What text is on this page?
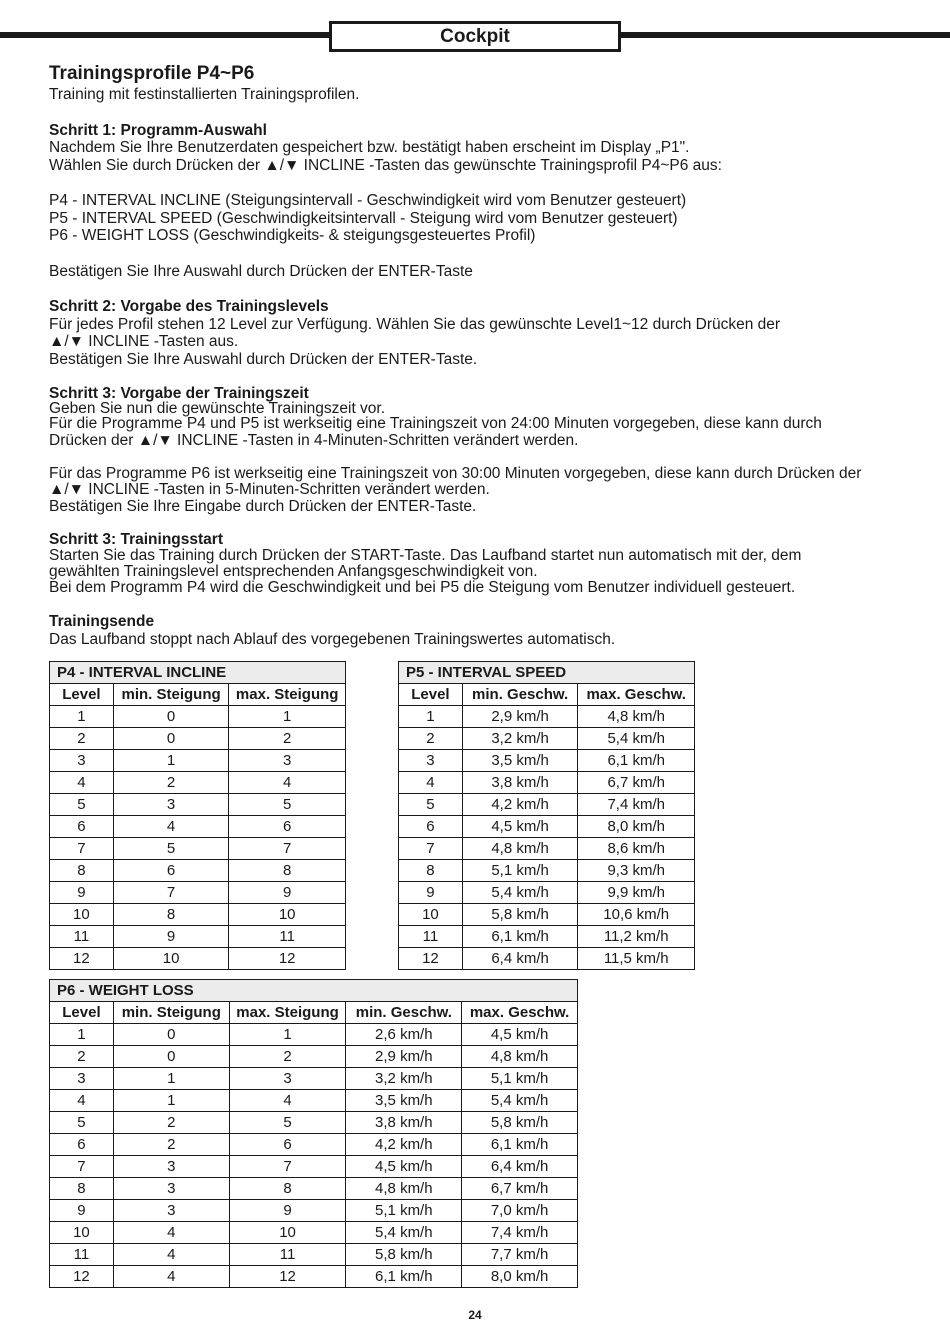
Cockpit
Trainingsprofile P4~P6

Training mit festinstallierten Trainingsprofilen.

Schritt 1: Programm-Auswahl

Nachdem Sie Ihre Benutzerdaten gespeichert bzw. bestätigt haben erscheint im Display „P1".

Wählen Sie durch Drücken der ▲/▼ INCLINE -Tasten das gewünschte Trainingsprofil P4~P6 aus:

P4 - INTERVAL INCLINE (Steigungsintervall - Geschwindigkeit wird vom Benutzer gesteuert)

P5 - INTERVAL SPEED (Geschwindigkeitsintervall - Steigung wird vom Benutzer gesteuert)

P6 - WEIGHT LOSS (Geschwindigkeits- & steigungsgesteuertes Profil)

Bestätigen Sie Ihre Auswahl durch Drücken der ENTER-Taste

Schritt 2: Vorgabe des Trainingslevels

Für jedes Profil stehen 12 Level zur Verfügung. Wählen Sie das gewünschte Level1~12 durch Drücken der

▲/▼ INCLINE -Tasten aus.

Bestätigen Sie Ihre Auswahl durch Drücken der ENTER-Taste.

Schritt 3: Vorgabe der Trainingszeit

Geben Sie nun die gewünschte Trainingszeit vor.

Für die Programme P4 und P5 ist werkseitig eine Trainingszeit von 24:00 Minuten vorgegeben, diese kann durch

Drücken der ▲/▼ INCLINE -Tasten in 4-Minuten-Schritten verändert werden.

Für das Programme P6 ist werkseitig eine Trainingszeit von 30:00 Minuten vorgegeben, diese kann durch Drücken der

▲/▼ INCLINE -Tasten in 5-Minuten-Schritten verändert werden.

Bestätigen Sie Ihre Eingabe durch Drücken der ENTER-Taste.

Schritt 3: Trainingsstart

Starten Sie das Training durch Drücken der START-Taste. Das Laufband startet nun automatisch mit der, dem

gewählten Trainingslevel entsprechenden Anfangsgeschwindigkeit von.

Bei dem Programm P4 wird die Geschwindigkeit und bei P5 die Steigung vom Benutzer individuell gesteuert.

Trainingsende

Das Laufband stoppt nach Ablauf des vorgegebenen Trainingswertes automatisch.

P4 - INTERVAL INCLINE		
Level	min. Steigung	max. Steigung
1	0	1
2	0	2
3	1	3
4	2	4
5	3	5
6	4	6
7	5	7
8	6	8
9	7	9
10	8	10
11	9	11
12	10	12
P5 - INTERVAL SPEED		
Level	min. Geschw.	max. Geschw.
1	2,9 km/h	4,8 km/h
2	3,2 km/h	5,4 km/h
3	3,5 km/h	6,1 km/h
4	3,8 km/h	6,7 km/h
5	4,2 km/h	7,4 km/h
6	4,5 km/h	8,0 km/h
7	4,8 km/h	8,6 km/h
8	5,1 km/h	9,3 km/h
9	5,4 km/h	9,9 km/h
10	5,8 km/h	10,6 km/h
11	6,1 km/h	11,2 km/h
12	6,4 km/h	11,5 km/h
P6 - WEIGHT LOSS				
Level	min. Steigung	max. Steigung	min. Geschw.	max. Geschw.
1	0	1	2,6 km/h	4,5 km/h
2	0	2	2,9 km/h	4,8 km/h
3	1	3	3,2 km/h	5,1 km/h
4	1	4	3,5 km/h	5,4 km/h
5	2	5	3,8 km/h	5,8 km/h
6	2	6	4,2 km/h	6,1 km/h
7	3	7	4,5 km/h	6,4 km/h
8	3	8	4,8 km/h	6,7 km/h
9	3	9	5,1 km/h	7,0 km/h
10	4	10	5,4 km/h	7,4 km/h
11	4	11	5,8 km/h	7,7 km/h
12	4	12	6,1 km/h	8,0 km/h
24
